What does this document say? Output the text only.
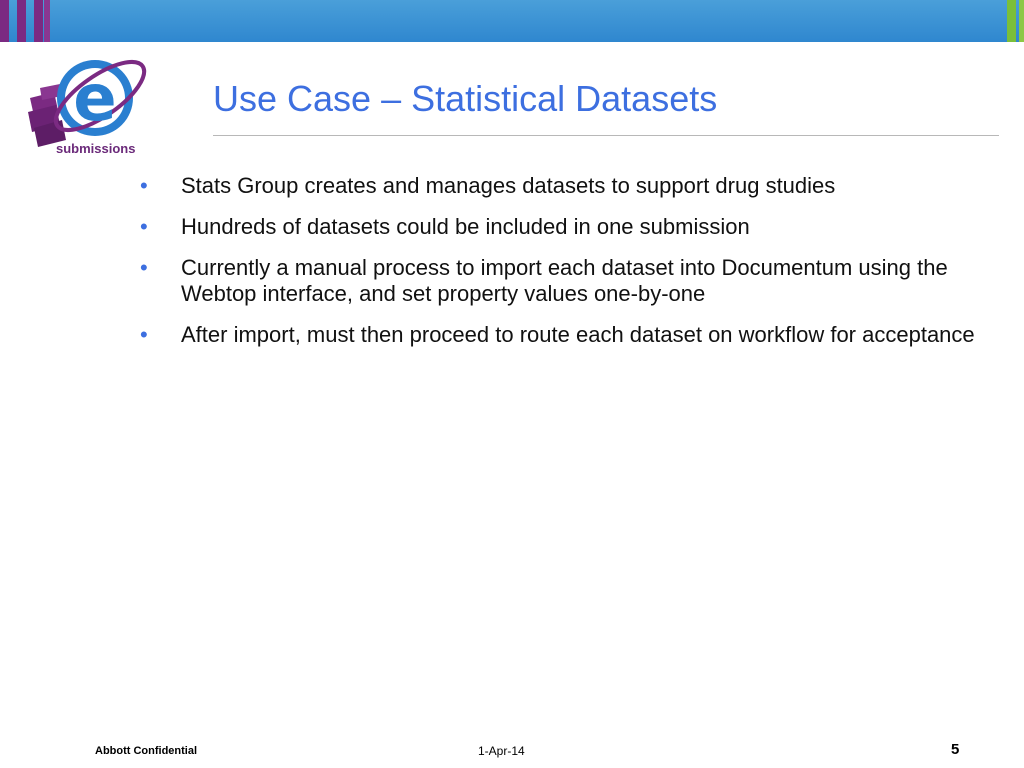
e
submissions
Use Case – Statistical Datasets
• Stats Group creates and manages datasets to support drug studies
• Hundreds of datasets could be included in one submission
• Currently a manual process to import each dataset into Documentum using the Webtop interface, and set property values one-by-one
• After import, must then proceed to route each dataset on workflow for acceptance
Abbott Confidential	1-Apr-14	5
